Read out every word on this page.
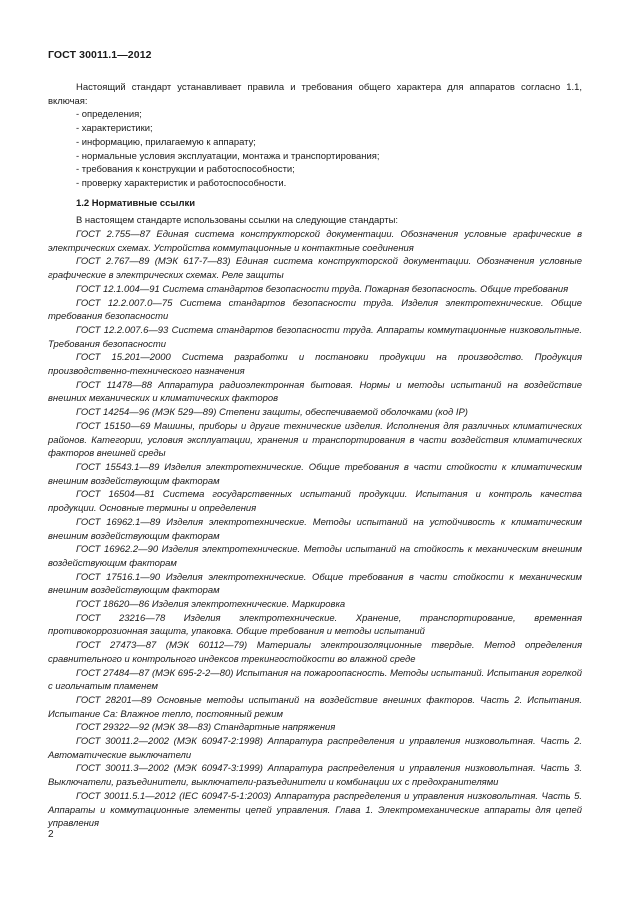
ГОСТ 30011.1—2012

Настоящий стандарт устанавливает правила и требования общего характера для аппаратов согласно 1.1, включая:

- определения;
- характеристики;
- информацию, прилагаемую к аппарату;
- нормальные условия эксплуатации, монтажа и транспортирования;
- требования к конструкции и работоспособности;
- проверку характеристик и работоспособности.

1.2 Нормативные ссылки

В настоящем стандарте использованы ссылки на следующие стандарты:

ГОСТ 2.755—87 Единая система конструкторской документации. Обозначения условные графические в электрических схемах. Устройства коммутационные и контактные соединения
ГОСТ 2.767—89 (МЭК 617-7—83) Единая система конструкторской документации. Обозначения условные графические в электрических схемах. Реле защиты
ГОСТ 12.1.004—91 Система стандартов безопасности труда. Пожарная безопасность. Общие требования
ГОСТ 12.2.007.0—75 Система стандартов безопасности труда. Изделия электротехнические. Общие требования безопасности
ГОСТ 12.2.007.6—93 Система стандартов безопасности труда. Аппараты коммутационные низковольтные. Требования безопасности
ГОСТ 15.201—2000 Система разработки и постановки продукции на производство. Продукция производственно-технического назначения
ГОСТ 11478—88 Аппаратура радиоэлектронная бытовая. Нормы и методы испытаний на воздействие внешних механических и климатических факторов
ГОСТ 14254—96 (МЭК 529—89) Степени защиты, обеспечиваемой оболочками (код IP)
ГОСТ 15150—69 Машины, приборы и другие технические изделия. Исполнения для различных климатических районов. Категории, условия эксплуатации, хранения и транспортирования в части воздействия климатических факторов внешней среды
ГОСТ 15543.1—89 Изделия электротехнические. Общие требования в части стойкости к климатическим внешним воздействующим факторам
ГОСТ 16504—81 Система государственных испытаний продукции. Испытания и контроль качества продукции. Основные термины и определения
ГОСТ 16962.1—89 Изделия электротехнические. Методы испытаний на устойчивость к климатическим внешним воздействующим факторам
ГОСТ 16962.2—90 Изделия электротехнические. Методы испытаний на стойкость к механическим внешним воздействующим факторам
ГОСТ 17516.1—90 Изделия электротехнические. Общие требования в части стойкости к механическим внешним воздействующим факторам
ГОСТ 18620—86 Изделия электротехнические. Маркировка
ГОСТ 23216—78 Изделия электротехнические. Хранение, транспортирование, временная противокоррозионная защита, упаковка. Общие требования и методы испытаний
ГОСТ 27473—87 (МЭК 60112—79) Материалы электроизоляционные твердые. Метод определения сравнительного и контрольного индексов трекингостойкости во влажной среде
ГОСТ 27484—87 (МЭК 695-2-2—80) Испытания на пожароопасность. Методы испытаний. Испытания горелкой с игольчатым пламенем
ГОСТ 28201—89 Основные методы испытаний на воздействие внешних факторов. Часть 2. Испытания. Испытание Са: Влажное тепло, постоянный режим
ГОСТ 29322—92 (МЭК 38—83) Стандартные напряжения
ГОСТ 30011.2—2002 (МЭК 60947-2:1998) Аппаратура распределения и управления низковольтная. Часть 2. Автоматические выключатели
ГОСТ 30011.3—2002 (МЭК 60947-3:1999) Аппаратура распределения и управления низковольтная. Часть 3. Выключатели, разъединители, выключатели-разъединители и комбинации их с предохранителями
ГОСТ 30011.5.1—2012 (IEC 60947-5-1:2003) Аппаратура распределения и управления низковольтная. Часть 5. Аппараты и коммутационные элементы цепей управления. Глава 1. Электромеханические аппараты для цепей управления
2
